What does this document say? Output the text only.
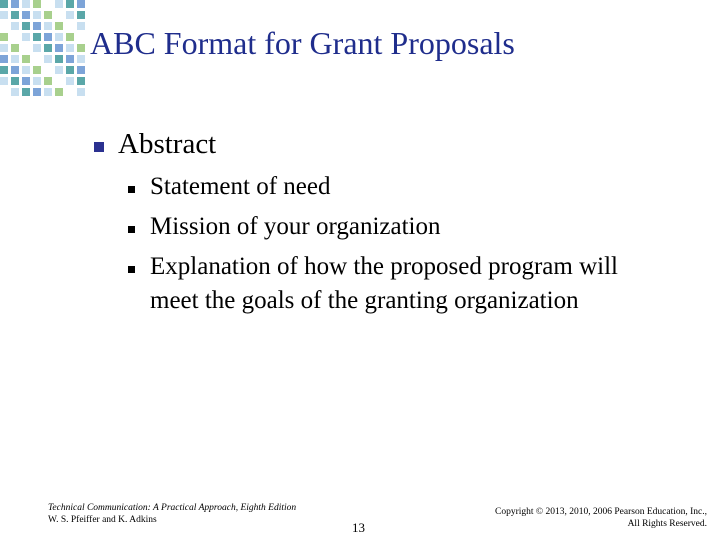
ABC Format for Grant Proposals
Abstract
Statement of need
Mission of your organization
Explanation of how the proposed program will
meet the goals of the granting organization
Technical Communication: A Practical Approach, Eighth Edition
W. S. Pfeiffer and K. Adkins	13
Copyright © 2013, 2010, 2006 Pearson Education, Inc.,
All Rights Reserved.
